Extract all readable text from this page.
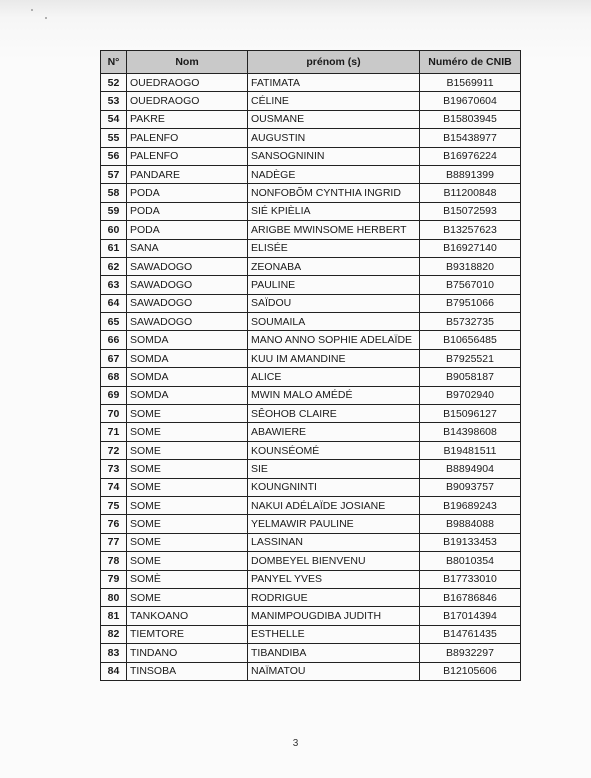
N°	Nom	prénom (s)	Numéro de CNIB
52	OUEDRAOGO	FATIMATA	B1569911
53	OUEDRAOGO	CÉLINE	B19670604
54	PAKRE	OUSMANE	B15803945
55	PALENFO	AUGUSTIN	B15438977
56	PALENFO	SANSOGNININ	B16976224
57	PANDARE	NADÈGE	B8891399
58	PODA	NONFOBÕM CYNTHIA INGRID	B11200848
59	PODA	SIÉ KPIÈLIA	B15072593
60	PODA	ARIGBE MWINSOME HERBERT	B13257623
61	SANA	ELISÉE	B16927140
62	SAWADOGO	ZEONABA	B9318820
63	SAWADOGO	PAULINE	B7567010
64	SAWADOGO	SAÏDOU	B7951066
65	SAWADOGO	SOUMAILA	B5732735
66	SOMDA	MANO ANNO SOPHIE ADELAÏDE	B10656485
67	SOMDA	KUU IM AMANDINE	B7925521
68	SOMDA	ALICE	B9058187
69	SOMDA	MWIN MALO AMÉDÉ	B9702940
70	SOME	SÊOHOB CLAIRE	B15096127
71	SOME	ABAWIERE	B14398608
72	SOME	KOUNSÉOMÉ	B19481511
73	SOME	SIE	B8894904
74	SOME	KOUNGNINTI	B9093757
75	SOME	NAKUI ADÉLAÏDE JOSIANE	B19689243
76	SOME	YELMAWIR PAULINE	B9884088
77	SOME	LASSINAN	B19133453
78	SOME	DOMBEYEL BIENVENU	B8010354
79	SOMÈ	PANYEL YVES	B17733010
80	SOME	RODRIGUE	B16786846
81	TANKOANO	MANIMPOUGDIBA JUDITH	B17014394
82	TIEMTORE	ESTHELLE	B14761435
83	TINDANO	TIBANDIBA	B8932297
84	TINSOBA	NAÏMATOU	B12105606
3
